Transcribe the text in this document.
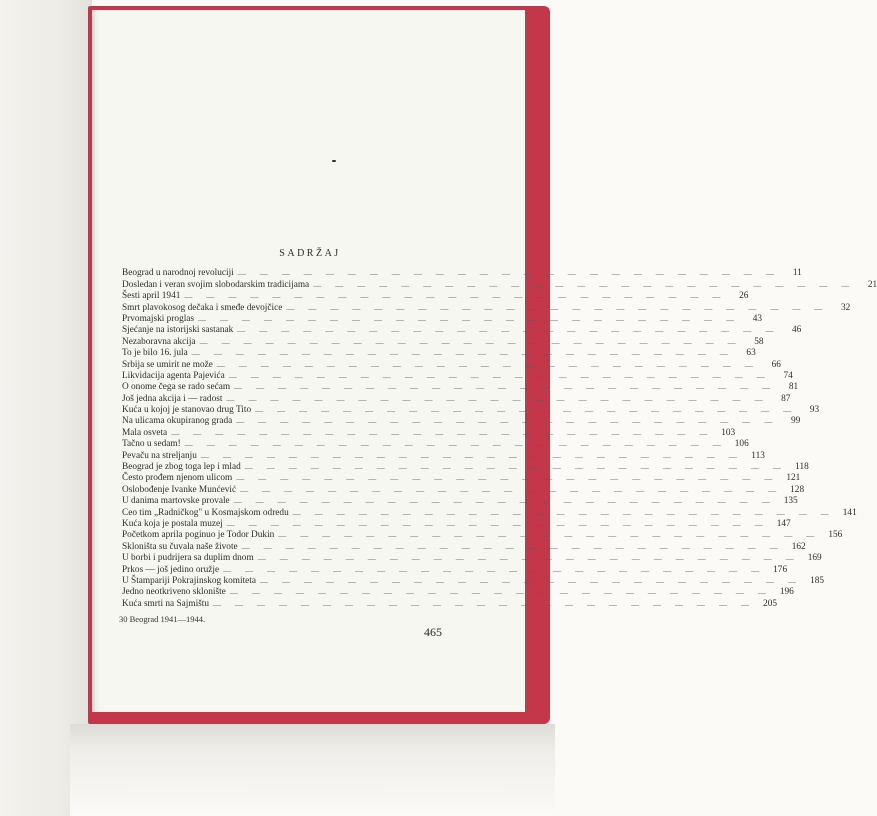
SADRŽAJ
Beograd u narodnoj revoluciji — — — — — — — — — — — — — — — — — — — — — — — — —	11
Dosledan i veran svojim slobodarskim tradicijama — — — — — — — — — — — — — — — — — — — — — — — — —	21
Šesti april 1941 — — — — — — — — — — — — — — — — — — — — — — — — —	26
Smrt plavokosog dečaka i smeđe devojčice — — — — — — — — — — — — — — — — — — — — — — — — —	32
Prvomajski proglas — — — — — — — — — — — — — — — — — — — — — — — — —	43
Sjećanje na istorijski sastanak — — — — — — — — — — — — — — — — — — — — — — — — —	46
Nezaboravna akcija — — — — — — — — — — — — — — — — — — — — — — — — —	58
To je bilo 16. jula — — — — — — — — — — — — — — — — — — — — — — — — —	63
Srbija se umirit ne može — — — — — — — — — — — — — — — — — — — — — — — — —	66
Likvidacija agenta Pajevića — — — — — — — — — — — — — — — — — — — — — — — — —	74
O onome čega se rado sećam — — — — — — — — — — — — — — — — — — — — — — — — —	81
Još jedna akcija i — radost — — — — — — — — — — — — — — — — — — — — — — — — —	87
Kuća u kojoj je stanovao drug Tito — — — — — — — — — — — — — — — — — — — — — — — — —	93
Na ulicama okupiranog grada — — — — — — — — — — — — — — — — — — — — — — — — —	99
Mala osveta — — — — — — — — — — — — — — — — — — — — — — — — — 103
Tačno u sedam! — — — — — — — — — — — — — — — — — — — — — — — — — 106
Pevaču na streljanju — — — — — — — — — — — — — — — — — — — — — — — — — 113
Beograd je zbog toga lep i mlad — — — — — — — — — — — — — — — — — — — — — — — — — 118
Često prođem njenom ulicom — — — — — — — — — — — — — — — — — — — — — — — — — 121
Oslobođenje Ivanke Munćević — — — — — — — — — — — — — — — — — — — — — — — — — 128
U danima martovske provale — — — — — — — — — — — — — — — — — — — — — — — — — 135
Ceo tim „Radničkog" u Kosmajskom odredu — — — — — — — — — — — — — — — — — — — — — — — — — 141
Kuća koja je postala muzej — — — — — — — — — — — — — — — — — — — — — — — — — 147
Početkom aprila poginuo je Todor Dukin — — — — — — — — — — — — — — — — — — — — — — — — — 156
Skloništa su čuvala naše živote — — — — — — — — — — — — — — — — — — — — — — — — — 162
U borbi i pudrijera sa duplim dnom — — — — — — — — — — — — — — — — — — — — — — — — — 169
Prkos — još jedino oružje — — — — — — — — — — — — — — — — — — — — — — — — — 176
U Štampariji Pokrajinskog komiteta — — — — — — — — — — — — — — — — — — — — — — — — — 185
Jedno neotkriveno sklonište — — — — — — — — — — — — — — — — — — — — — — — — — 196
Kuća smrti na Sajmištu — — — — — — — — — — — — — — — — — — — — — — — — — 205
30 Beograd 1941—1944.
465
